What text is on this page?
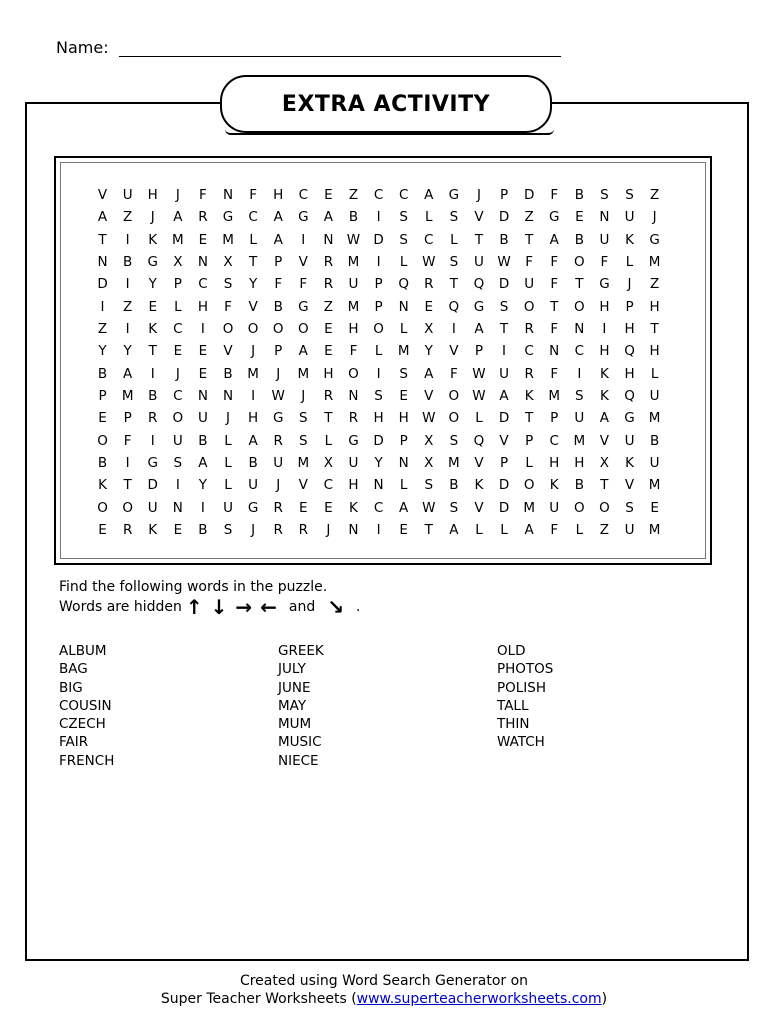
Name:
EXTRA ACTIVITY
V	U	H	J	F	N	F	H	C	E	Z	C	C	A	G	J	P	D	F	B	S	S	Z
A	Z	J	A	R	G	C	A	G	A	B	I	S	L	S	V	D	Z	G	E	N	U	J
T	I	K	M	E	M	L	A	I	N W D	S	C	L	T	B	T	A	B	U	K	G
N	B	G	X	N	X	T	P	V	R	M	I	L	W	S	U W	F	F	O	F	L	M
D	I	Y	P	C	S	Y	F	F	R	U	P	Q	R	T	Q	D	U	F	T	G	J	Z
I	Z	E	L	H	F	V	B	G	Z	M	P	N	E	Q	G	S	O	T	O	H	P	H
Z	I	K	C	I	O	O	O	O	E	H	O	L	X	I	A	T	R	F	N	I	H	T
Y	Y	T	E	E	V	J	P	A	E	F	L	M	Y	V	P	I	C	N	C	H	Q	H
B	A	I	J	E	B	M	J	M	H	O	I	S	A	F	W U	R	F	I	K	H	L
P	M	B	C	N	N	I	W	J	R	N	S	E	V	O W	A	K	M	S	K	Q	U
E	P	R	O	U	J	H	G	S	T	R	H	H W O	L	D	T	P	U	A	G	M
O	F	I	U	B	L	A	R	S	L	G	D	P	X	S	Q	V	P	C	M	V	U	B
B	I	G	S	A	L	B	U	M	X	U	Y	N	X	M	V	P	L	H	H	X	K	U
K	T	D	I	Y	L	U	J	V	C	H	N	L	S	B	K	D	O	K	B	T	V	M
O	O	U	N	I	U	G	R	E	E	K	C	A	W	S	V	D	M	U	O	O	S	E
E	R	K	E	B	S	J	R	R	J	N	I	E	T	A	L	L	A	F	L	Z	U	M
Find the following words in the puzzle.
Words are hidden ↑ ↓ → ← and ↘ .
ALBUM
BAG
BIG
COUSIN
CZECH
FAIR
FRENCH
GREEK
JULY
JUNE
MAY
MUM
MUSIC
NIECE
OLD
PHOTOS
POLISH
TALL
THIN
WATCH
Created using Word Search Generator on
Super Teacher Worksheets (www.superteacherworksheets.com)
